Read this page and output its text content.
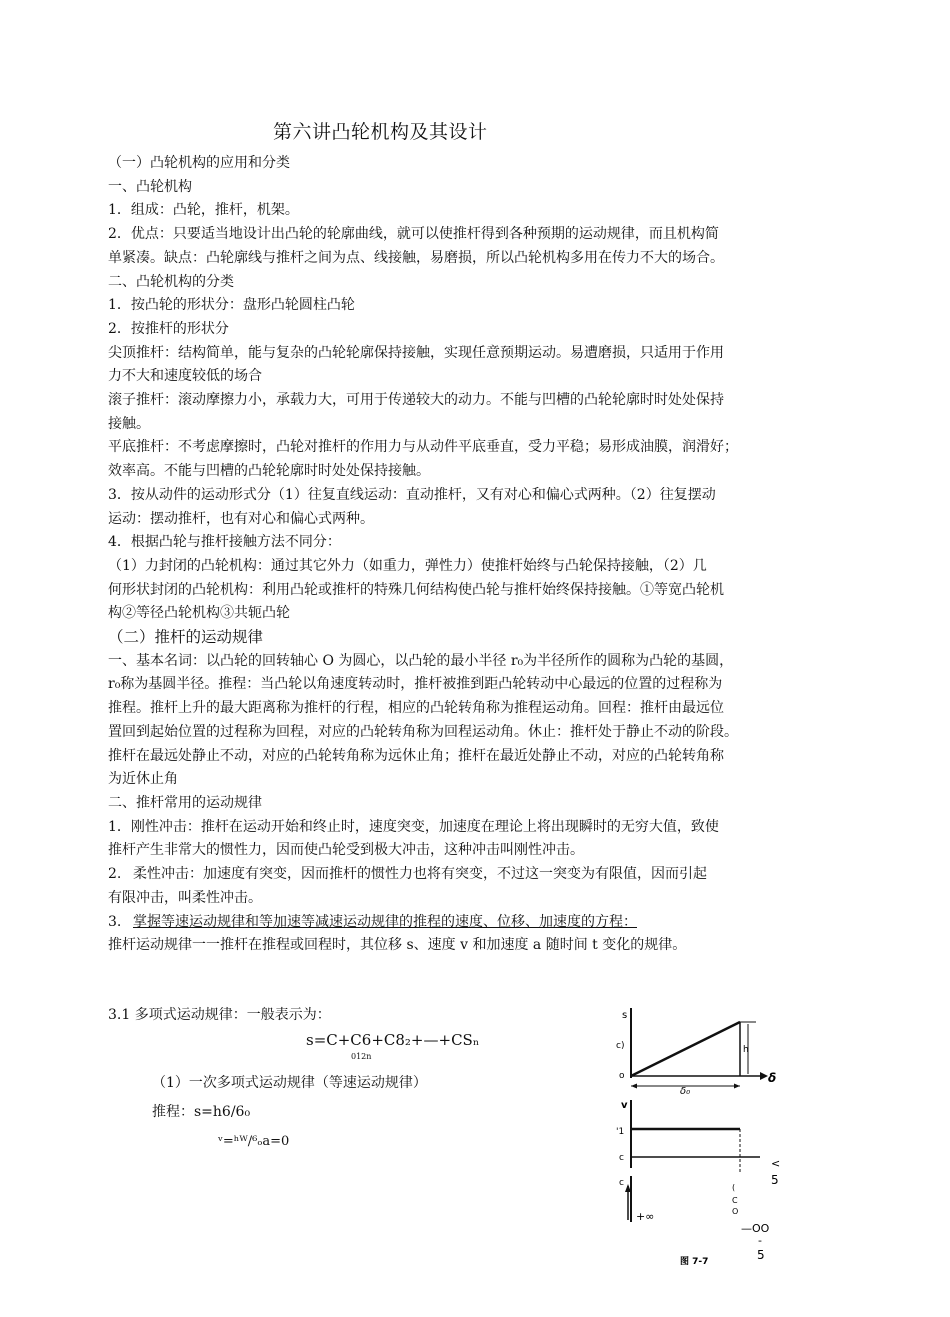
第六讲凸轮机构及其设计

（一）凸轮机构的应用和分类

一、凸轮机构

1．组成：凸轮，推杆，机架。

2．优点：只要适当地设计出凸轮的轮廓曲线，就可以使推杆得到各种预期的运动规律，而且机构简

单紧凑。缺点：凸轮廓线与推杆之间为点、线接触，易磨损，所以凸轮机构多用在传力不大的场合。

二、凸轮机构的分类

1．按凸轮的形状分：盘形凸轮圆柱凸轮

2．按推杆的形状分

尖顶推杆：结构简单，能与复杂的凸轮轮廓保持接触，实现任意预期运动。易遭磨损，只适用于作用

力不大和速度较低的场合

滚子推杆：滚动摩擦力小，承载力大，可用于传递较大的动力。不能与凹槽的凸轮轮廓时时处处保持

接触。

平底推杆：不考虑摩擦时，凸轮对推杆的作用力与从动件平底垂直，受力平稳；易形成油膜，润滑好；

效率高。不能与凹槽的凸轮轮廓时时处处保持接触。

3．按从动件的运动形式分（1）往复直线运动：直动推杆，又有对心和偏心式两种。（2）往复摆动

运动：摆动推杆，也有对心和偏心式两种。

4．根据凸轮与推杆接触方法不同分：

（1）力封闭的凸轮机构：通过其它外力（如重力，弹性力）使推杆始终与凸轮保持接触，（2）几

何形状封闭的凸轮机构：利用凸轮或推杆的特殊几何结构使凸轮与推杆始终保持接触。①等宽凸轮机

构②等径凸轮机构③共轭凸轮

（二）推杆的运动规律

一、基本名词：以凸轮的回转轴心 O 为圆心，以凸轮的最小半径 r₀为半径所作的圆称为凸轮的基圆，

r₀称为基圆半径。推程：当凸轮以角速度转动时，推杆被推到距凸轮转动中心最远的位置的过程称为

推程。推杆上升的最大距离称为推杆的行程，相应的凸轮转角称为推程运动角。回程：推杆由最远位

置回到起始位置的过程称为回程，对应的凸轮转角称为回程运动角。休止：推杆处于静止不动的阶段。

推杆在最远处静止不动，对应的凸轮转角称为远休止角；推杆在最近处静止不动，对应的凸轮转角称

为近休止角

二、推杆常用的运动规律

1．刚性冲击：推杆在运动开始和终止时，速度突变，加速度在理论上将出现瞬时的无穷大值，致使

推杆产生非常大的惯性力，因而使凸轮受到极大冲击，这种冲击叫刚性冲击。

2. 柔性冲击：加速度有突变，因而推杆的惯性力也将有突变，不过这一突变为有限值，因而引起

有限冲击，叫柔性冲击。

3. 掌握等速运动规律和等加速等减速运动规律的推程的速度、位移、加速度的方程：

推杆运动规律一一推杆在推程或回程时，其位移 s、速度 v 和加速度 a 随时间 t 变化的规律。

3.1 多项式运动规律：一般表示为：
s=C+C6+C8₂+—+CSₙ
012n
（1）一次多项式运动规律（等速运动规律）
推程：s=h6/6₀
ᵛ=ʰᵂ/⁶ₒa=0
s
c)
o
h
δ₀
δ
v
'1
c	<
5
c
+∞
(
C
O
—OO
-
5
图 7-7
